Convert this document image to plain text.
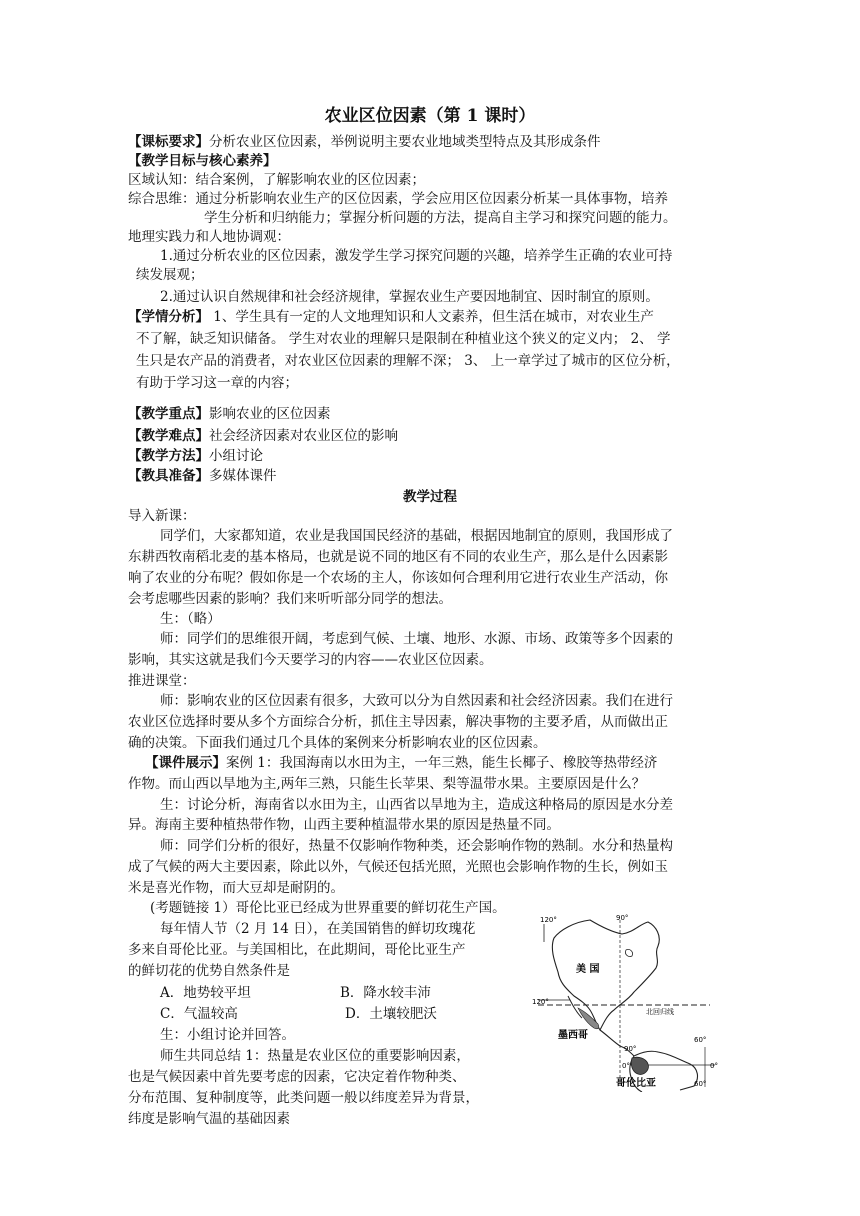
农业区位因素（第 1 课时）
【课标要求】分析农业区位因素，举例说明主要农业地域类型特点及其形成条件
【教学目标与核心素养】
区域认知：结合案例，了解影响农业的区位因素；
综合思维：通过分析影响农业生产的区位因素，学会应用区位因素分析某一具体事物，培养
学生分析和归纳能力；掌握分析问题的方法，提高自主学习和探究问题的能力。
地理实践力和人地协调观：
1.通过分析农业的区位因素，激发学生学习探究问题的兴趣，培养学生正确的农业可持
续发展观；
2.通过认识自然规律和社会经济规律，掌握农业生产要因地制宜、因时制宜的原则。
【学情分析】 1、学生具有一定的人文地理知识和人文素养，但生活在城市，对农业生产
不了解，缺乏知识储备。 学生对农业的理解只是限制在种植业这个狭义的定义内； 2、 学
生只是农产品的消费者，对农业区位因素的理解不深； 3、 上一章学过了城市的区位分析，
有助于学习这一章的内容；
【教学重点】影响农业的区位因素
【教学难点】社会经济因素对农业区位的影响
【教学方法】小组讨论
【教具准备】多媒体课件
教学过程
导入新课：
同学们，大家都知道，农业是我国国民经济的基础，根据因地制宜的原则，我国形成了
东耕西牧南稻北麦的基本格局，也就是说不同的地区有不同的农业生产，那么是什么因素影
响了农业的分布呢？假如你是一个农场的主人，你该如何合理利用它进行农业生产活动，你
会考虑哪些因素的影响？我们来听听部分同学的想法。
生：（略）
师：同学们的思维很开阔，考虑到气候、土壤、地形、水源、市场、政策等多个因素的
影响，其实这就是我们今天要学习的内容——农业区位因素。
推进课堂：
师：影响农业的区位因素有很多，大致可以分为自然因素和社会经济因素。我们在进行
农业区位选择时要从多个方面综合分析，抓住主导因素，解决事物的主要矛盾，从而做出正
确的决策。下面我们通过几个具体的案例来分析影响农业的区位因素。
【课件展示】案例 1：我国海南以水田为主，一年三熟，能生长椰子、橡胶等热带经济
作物。而山西以旱地为主,两年三熟，只能生长苹果、梨等温带水果。主要原因是什么？
生：讨论分析，海南省以水田为主，山西省以旱地为主，造成这种格局的原因是水分差
异。海南主要种植热带作物，山西主要种植温带水果的原因是热量不同。
师：同学们分析的很好，热量不仅影响作物种类，还会影响作物的熟制。水分和热量构
成了气候的两大主要因素，除此以外，气候还包括光照，光照也会影响作物的生长，例如玉
米是喜光作物，而大豆却是耐阴的。
(考题链接 1）哥伦比亚已经成为世界重要的鲜切花生产国。
每年情人节（2 月 14 日），在美国销售的鲜切玫瑰花
多来自哥伦比亚。与美国相比，在此期间，哥伦比亚生产
的鲜切花的优势自然条件是
A．地势较平坦	B．降水较丰沛
C．气温较高	D．土壤较肥沃
生：小组讨论并回答。
师生共同总结 1：热量是农业区位的重要影响因素，
也是气候因素中首先要考虑的因素，它决定着作物种类、
分布范围、复种制度等，此类问题一般以纬度差异为背景，
纬度是影响气温的基础因素
120°	90°
美 国
120°
北回归线
墨西哥
90°
60°
0°	0°
哥伦比亚	60°
